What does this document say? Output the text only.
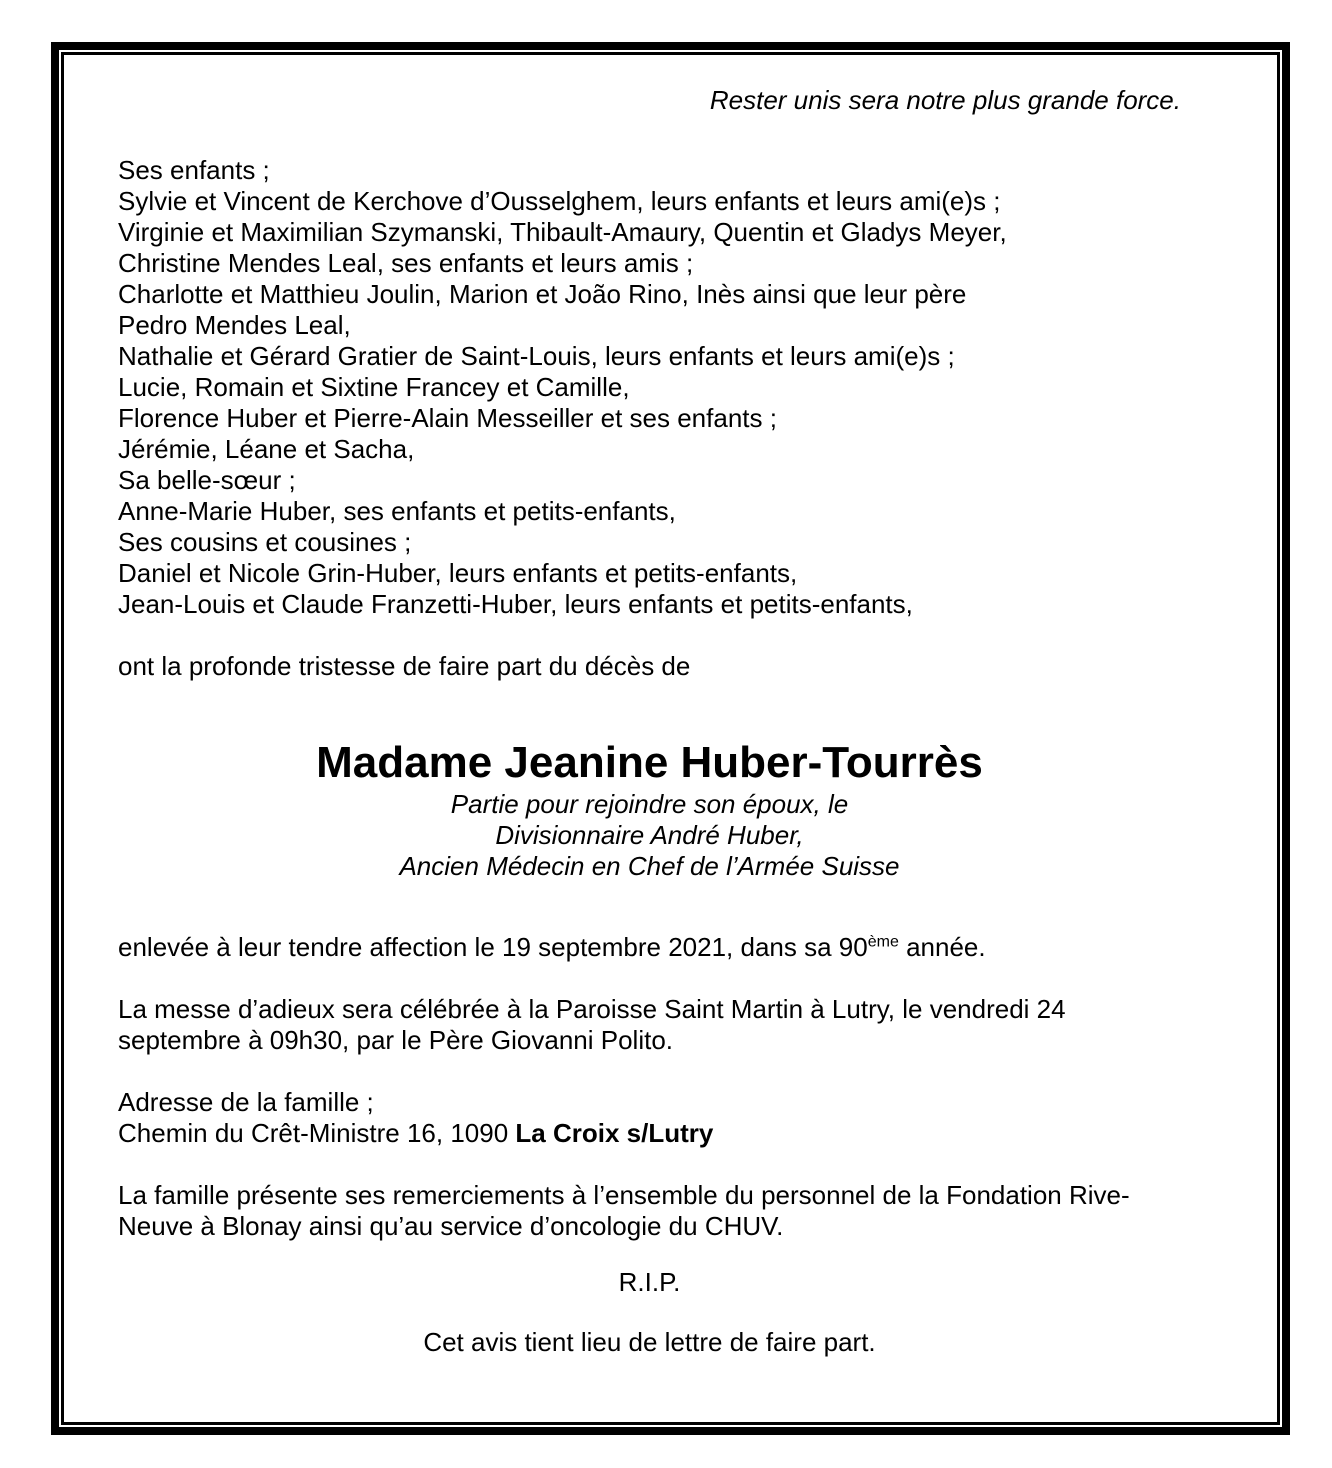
Rester unis sera notre plus grande force.

Ses enfants ;
Sylvie et Vincent de Kerchove d’Ousselghem, leurs enfants et leurs ami(e)s ;
Virginie et Maximilian Szymanski, Thibault-Amaury, Quentin et Gladys Meyer,
Christine Mendes Leal, ses enfants et leurs amis ;
Charlotte et Matthieu Joulin, Marion et João Rino, Inès ainsi que leur père
Pedro Mendes Leal,
Nathalie et Gérard Gratier de Saint-Louis, leurs enfants et leurs ami(e)s ;
Lucie, Romain et Sixtine Francey et Camille,
Florence Huber et Pierre-Alain Messeiller et ses enfants ;
Jérémie, Léane et Sacha,
Sa belle-sœur ;
Anne-Marie Huber, ses enfants et petits-enfants,
Ses cousins et cousines ;
Daniel et Nicole Grin-Huber, leurs enfants et petits-enfants,
Jean-Louis et Claude Franzetti-Huber, leurs enfants et petits-enfants,

ont la profonde tristesse de faire part du décès de

Madame Jeanine Huber-Tourrès
Partie pour rejoindre son époux, le
Divisionnaire André Huber,
Ancien Médecin en Chef de l’Armée Suisse

enlevée à leur tendre affection le 19 septembre 2021, dans sa 90ème année.

La messe d’adieux sera célébrée à la Paroisse Saint Martin à Lutry, le vendredi 24
septembre à 09h30, par le Père Giovanni Polito.
Adresse de la famille ;
Chemin du Crêt-Ministre 16, 1090 La Croix s/Lutry
La famille présente ses remerciements à l’ensemble du personnel de la Fondation Rive-
Neuve à Blonay ainsi qu’au service d’oncologie du CHUV.

R.I.P.

Cet avis tient lieu de lettre de faire part.
